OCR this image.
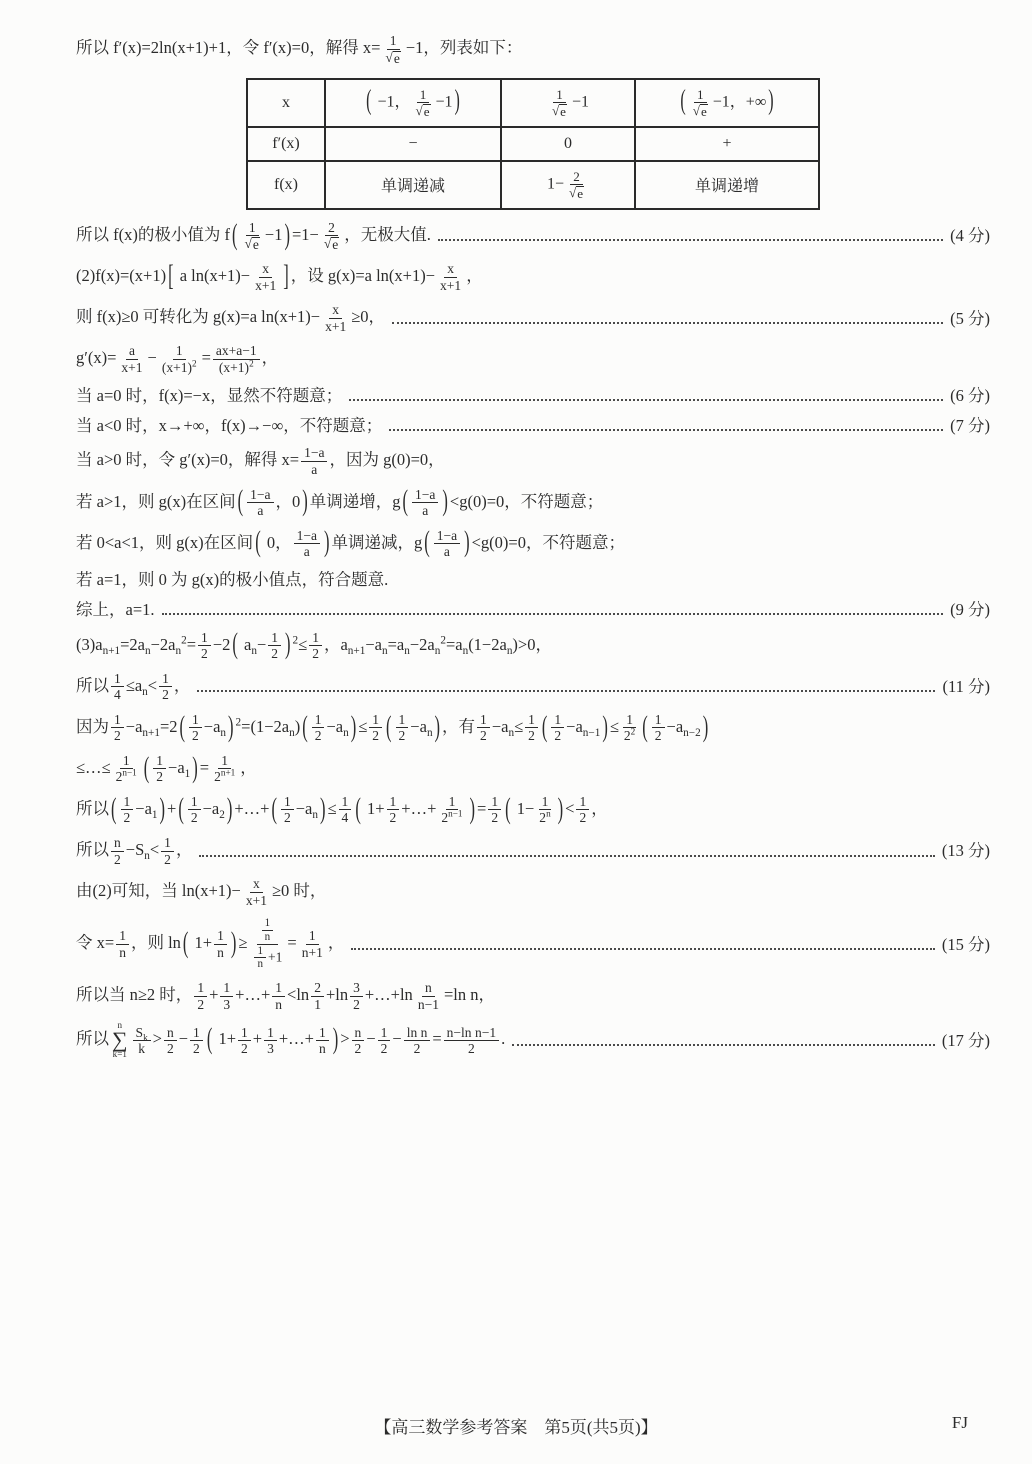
所以 f′(x)=2ln(x+1)+1，令 f′(x)=0，解得 $x= \frac{1}{√ e} -1$，列表如下：
x	( −1， $\frac{1}{√ e} -1$ )	$\frac{1}{√ e} -1$	( $\frac{1}{√ e} -1$，+∞ )
f′(x)	−	0	+
f(x)	单调递减	$1- \frac{2}{√ e}$	单调递增
所以 f(x)的极小值为 f ( $\frac{1}{√ e} -1$ ) $=1- \frac{2}{√ e}$ ，无极大值.	(4 分)
(2)f(x)=(x+1) [ a $\ln(x+1)- \frac{x}{x+1}$ ] ，设 g(x)=a $\ln(x+1)- \frac{x}{x+1}$ ，
则 f(x)≥0 可转化为 g(x)=a $\ln(x+1)- \frac{x}{x+1} \ge 0$，	(5 分)
$g'(x)= \frac{a}{x+1} - \frac{1}{(x+1)^2} = \frac{ax+a-1}{(x+1)^2}$ ，
当 a=0 时，f(x)=−x，显然不符题意；	(6 分)
当 a<0 时，x→+∞，f(x)→−∞，不符题意；	(7 分)
当 a>0 时，令 g′(x)=0，解得 $x= \frac{1-a}{a}$ ，因为 g(0)=0，
若 a>1，则 g(x)在区间 ( $\frac{1-a}{a}$ ，0 ) 单调递增，g ( $\frac{1-a}{a}$ ) <g(0)=0，不符题意；
若 0<a<1，则 g(x)在区间 ( 0， $\frac{1-a}{a}$ ) 单调递减，g ( $\frac{1-a}{a}$ ) <g(0)=0，不符题意；
若 a=1，则 0 为 g(x)的极小值点，符合题意.
综上，a=1.	(9 分)
$(3)a_{n+1}=2a_n-2a_n^2= \frac{1}{2} -2$ ( $a_n- \frac{1}{2}$ ) $^2\le \frac{1}{2}$ ，$a_{n+1}-a_n=a_n-2a_n^2=a_n(1-2a_n)>0$，
所以 $\frac{1}{4} \le a_n< \frac{1}{2}$ ，	(11 分)
因为 $\frac{1}{2} -a_{n+1}=2$ ( $\frac{1}{2} -a_n$ ) $^2=(1-2a_n)$ ( $\frac{1}{2} -a_n$ ) ≤ $\frac{1}{2}$ ( $\frac{1}{2} -a_n$ ) ，有 $\frac{1}{2} -a_n\le \frac{1}{2}$ ( $\frac{1}{2} -a_{n-1}$ ) ≤ $\frac{1}{2^2}$ ( $\frac{1}{2} -a_{n-2}$ )
≤…≤ $\frac{1}{2^{n-1}}$ ( $\frac{1}{2} -a_1$ ) = $\frac{1}{2^{n+1}}$ ，
所以 ( $\frac{1}{2} -a_1$ ) + ( $\frac{1}{2} -a_2$ ) +…+ ( $\frac{1}{2} -a_n$ ) ≤ $\frac{1}{4}$ ( $1+ \frac{1}{2}$ +…+ $\frac{1}{2^{n-1}}$ ) = $\frac{1}{2}$ ( $1- \frac{1}{2^n}$ ) < $\frac{1}{2}$ ，
所以 $\frac{n}{2} -S_n< \frac{1}{2}$ ，	(13 分)
由(2)可知，当 $\ln(x+1)- \frac{x}{x+1} \ge 0$ 时，
令 $x= \frac{1}{n}$ ，则 ln ( $1+ \frac{1}{n}$ ) ≥ $\frac{\frac{1}{n}}{\frac{1}{n} +1} = \frac{1}{n+1}$ ，	(15 分)
所以当 n≥2 时， $\frac{1}{2} + \frac{1}{3}$ +…+ $\frac{1}{n} <\ln \frac{2}{1} +\ln \frac{3}{2}$ +…+ln $\frac{n}{n-1} =\ln$ n，
所以
n
∑
$k=1 \frac{S_k}{k} > \frac{n}{2} - \frac{1}{2}$ ( $1+ \frac{1}{2} + \frac{1}{3}$ +…+ $\frac{1}{n}$ ) > $\frac{n}{2} - \frac{1}{2} - \frac{\text{ln n}}{2} = \frac{\text{n−ln n−1}}{2}$ .	(17 分)
【高三数学参考答案　第5页(共5页)】	FJ
